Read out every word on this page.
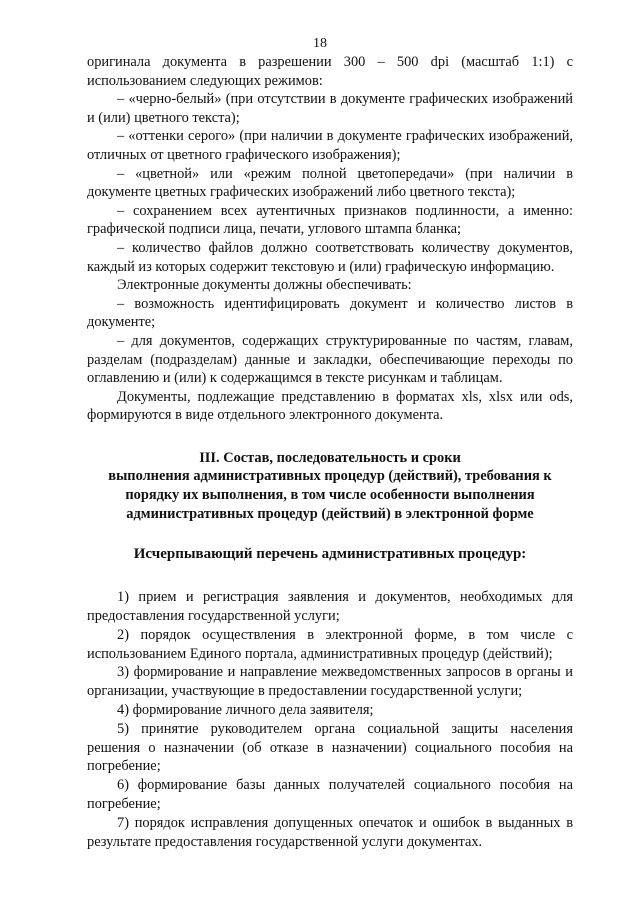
18

оригинала документа в разрешении 300 – 500 dpi (масштаб 1:1) с использованием следующих режимов:

– «черно-белый» (при отсутствии в документе графических изображений и (или) цветного текста);

– «оттенки серого» (при наличии в документе графических изображений, отличных от цветного графического изображения);

– «цветной» или «режим полной цветопередачи» (при наличии в документе цветных графических изображений либо цветного текста);

– сохранением всех аутентичных признаков подлинности, а именно: графической подписи лица, печати, углового штампа бланка;

– количество файлов должно соответствовать количеству документов, каждый из которых содержит текстовую и (или) графическую информацию.

Электронные документы должны обеспечивать:

– возможность идентифицировать документ и количество листов в документе;

– для документов, содержащих структурированные по частям, главам, разделам (подразделам) данные и закладки, обеспечивающие переходы по оглавлению и (или) к содержащимся в тексте рисункам и таблицам.

Документы, подлежащие представлению в форматах xls, xlsx или ods, формируются в виде отдельного электронного документа.

III. Состав, последовательность и сроки

выполнения административных процедур (действий), требования к

порядку их выполнения, в том числе особенности выполнения

административных процедур (действий) в электронной форме

Исчерпывающий перечень административных процедур:

1) прием и регистрация заявления и документов, необходимых для предоставления государственной услуги;

2) порядок осуществления в электронной форме, в том числе с использованием Единого портала, административных процедур (действий);

3) формирование и направление межведомственных запросов в органы и организации, участвующие в предоставлении государственной услуги;

4) формирование личного дела заявителя;

5) принятие руководителем органа социальной защиты населения решения о назначении (об отказе в назначении) социального пособия на погребение;

6) формирование базы данных получателей социального пособия на погребение;

7) порядок исправления допущенных опечаток и ошибок в выданных в результате предоставления государственной услуги документах.
